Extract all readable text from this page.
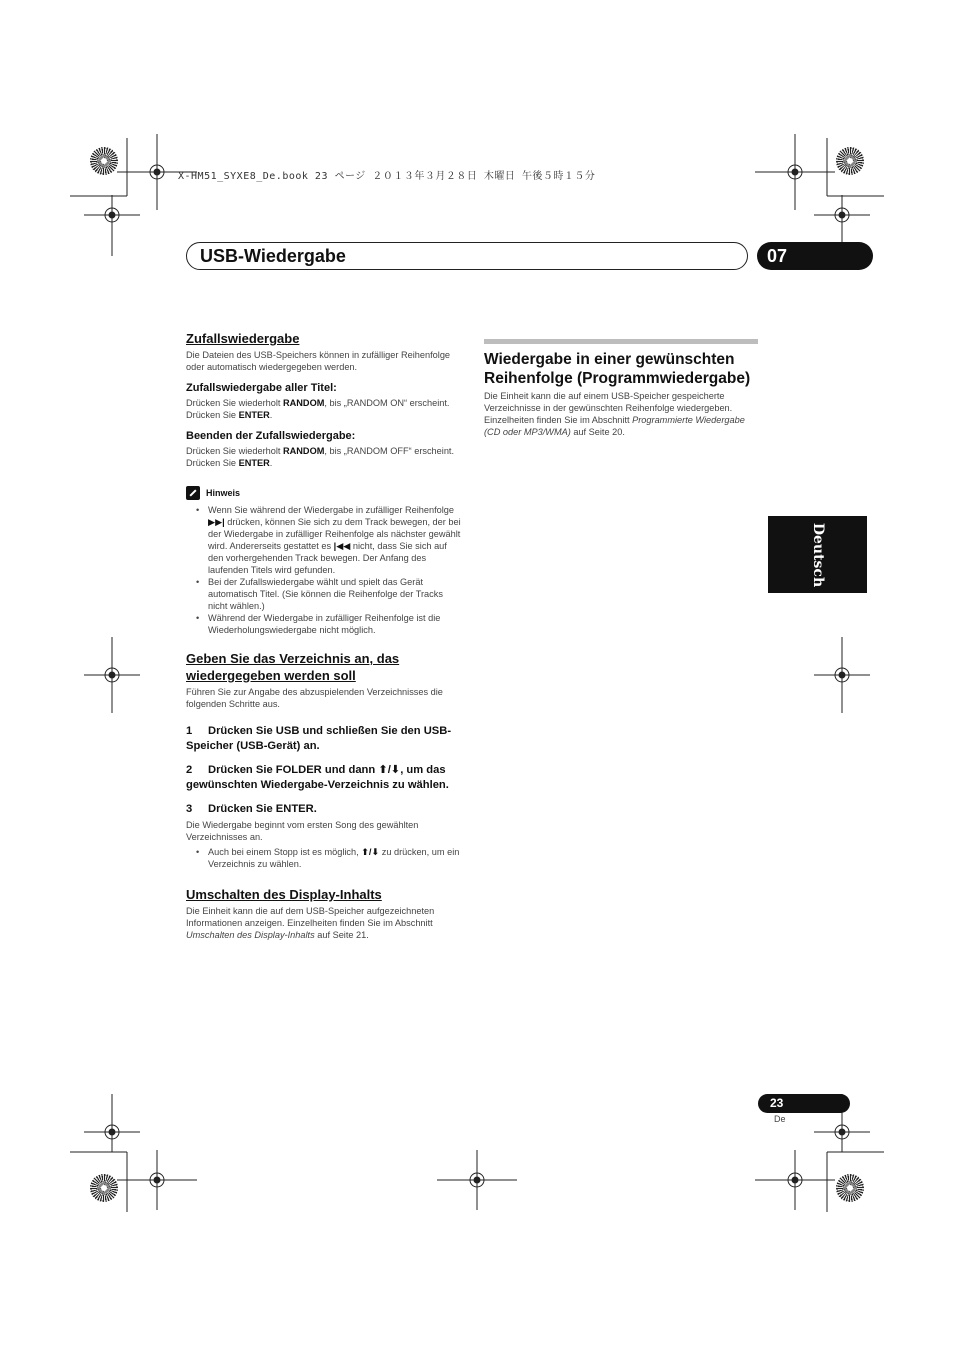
X-HM51_SYXE8_De.book 23 ページ ２０１３年３月２８日 木曜日 午後５時１５分
USB-Wiedergabe	07
Zufallswiedergabe

Die Dateien des USB-Speichers können in zufälliger Reihenfolge oder automatisch wiedergegeben werden.

Zufallswiedergabe aller Titel:

Drücken Sie wiederholt RANDOM, bis „RANDOM ON“ erscheint. Drücken Sie ENTER.

Beenden der Zufallswiedergabe:

Drücken Sie wiederholt RANDOM, bis „RANDOM OFF“ erscheint. Drücken Sie ENTER.

Hinweis
• Wenn Sie während der Wiedergabe in zufälliger Reihenfolge ▶▶| drücken, können Sie sich zu dem Track bewegen, der bei der Wiedergabe in zufälliger Reihenfolge als nächster gewählt wird. Andererseits gestattet es |◀◀ nicht, dass Sie sich auf den vorhergehenden Track bewegen. Der Anfang des laufenden Titels wird gefunden.
• Bei der Zufallswiedergabe wählt und spielt das Gerät automatisch Titel. (Sie können die Reihenfolge der Tracks nicht wählen.)
• Während der Wiedergabe in zufälliger Reihenfolge ist die Wiederholungswiedergabe nicht möglich.
Geben Sie das Verzeichnis an, das
wiedergegeben werden soll

Führen Sie zur Angabe des abzuspielenden Verzeichnisses die folgenden Schritte aus.

1 Drücken Sie USB und schließen Sie den USB-Speicher (USB-Gerät) an.

2 Drücken Sie FOLDER und dann ⬆/⬇, um das gewünschten Wiedergabe-Verzeichnis zu wählen.

3 Drücken Sie ENTER.

Die Wiedergabe beginnt vom ersten Song des gewählten Verzeichnisses an.

• Auch bei einem Stopp ist es möglich, ⬆/⬇ zu drücken, um ein Verzeichnis zu wählen.
Umschalten des Display-Inhalts

Die Einheit kann die auf dem USB-Speicher aufgezeichneten Informationen anzeigen. Einzelheiten finden Sie im Abschnitt Umschalten des Display-Inhalts auf Seite 21.

Wiedergabe in einer gewünschten Reihenfolge (Programmwiedergabe)

Die Einheit kann die auf einem USB-Speicher gespeicherte Verzeichnisse in der gewünschten Reihenfolge wiedergeben. Einzelheiten finden Sie im Abschnitt Programmierte Wiedergabe (CD oder MP3/WMA) auf Seite 20.

Deutsch
23
De
